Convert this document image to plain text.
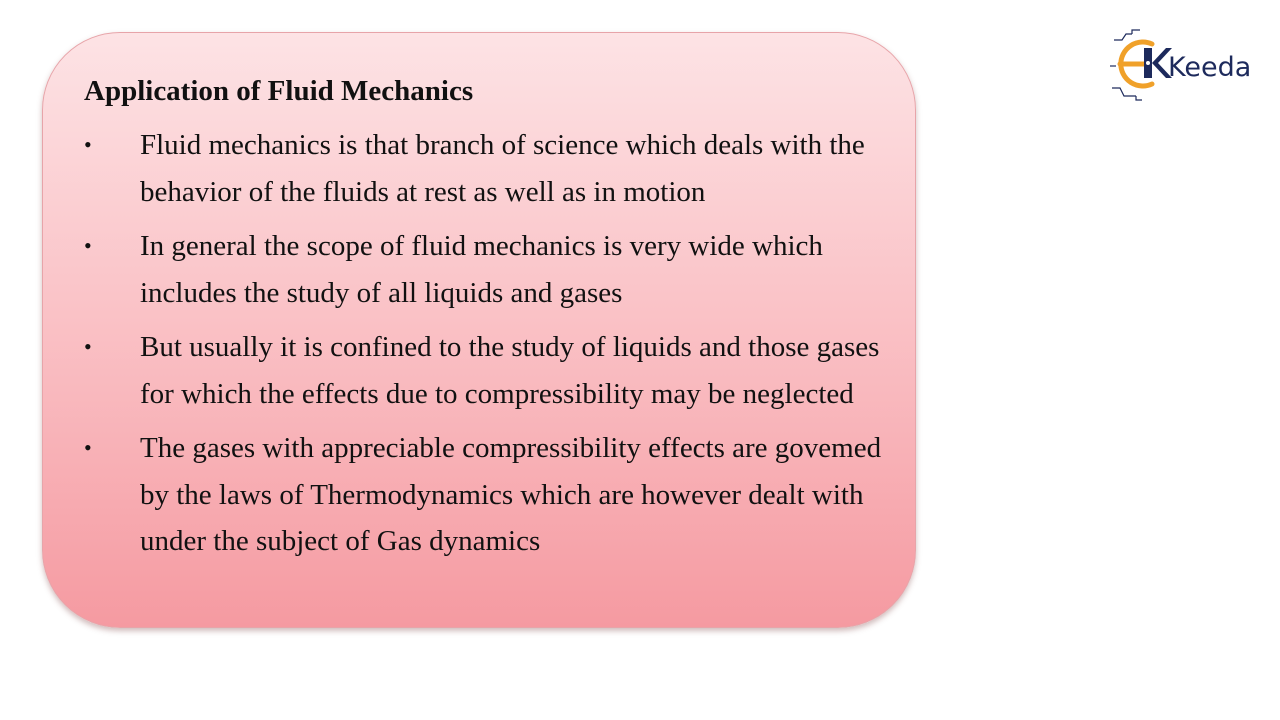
Application of Fluid Mechanics
• Fluid mechanics is that branch of science which deals with the behavior of the fluids at rest as well as in motion
• In general the scope of fluid mechanics is very wide which includes the study of all liquids and gases
• But usually it is confined to the study of liquids and those gases for which the effects due to compressibility may be neglected
• The gases with appreciable compressibility effects are govemed by the laws of Thermodynamics which are however dealt with under the subject of Gas dynamics
Keeda
